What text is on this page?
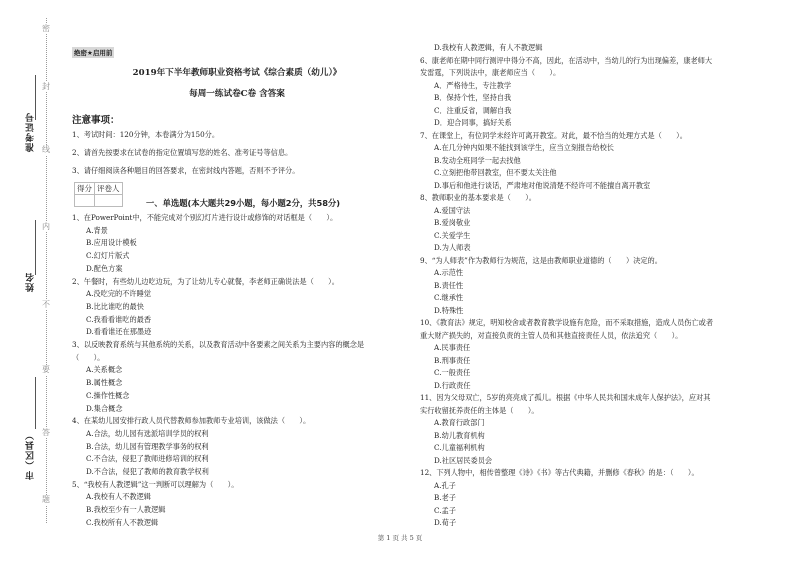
密
封
线
内
不
要
答
题
准考证号
姓名
市（区县）
绝密★启用前
2019年下半年教师职业资格考试《综合素质（幼儿）》
每周一练试卷C卷 含答案
注意事项：
1、考试时间：120分钟，本卷满分为150分。
2、请首先按要求在试卷的指定位置填写您的姓名、准考证号等信息。
3、请仔细阅读各种题目的回答要求，在密封线内答题，否则不予评分。
得分	评卷人

一、单选题(本大题共29小题，每小题2分，共58分)
1、在PowerPoint中，不能完成对个别幻灯片进行设计或修饰的对话框是（　　）。
A.背景
B.应用设计模板
C.幻灯片版式
D.配色方案
2、午餐时，有些幼儿边吃边玩，为了让幼儿专心就餐，李老师正确说法是（　　）。
A.没吃完的不许睡觉
B.比比谁吃的最快
C.我看看谁吃的最香
D.看看谁还在那墨迹
3、以反映教育系统与其他系统的关系，以及教育活动中各要素之间关系为主要内容的概念是
（　　）。
A.关系概念
B.属性概念
C.操作性概念
D.集合概念
4、在某幼儿园安排行政人员代替教师参加教师专业培训，该做法（　　）。
A.合法，幼儿园有选派培训学员的权利
B.合法，幼儿园有管理教学事务的权利
C.不合法，侵犯了教师进修培训的权利
D.不合法，侵犯了教师的教育教学权利
5、“我校有人教逻辑”这一判断可以理解为（　　）。
A.我校有人不教逻辑
B.我校至少有一人教逻辑
C.我校所有人不教逻辑
D.我校有人教逻辑，有人不教逻辑
6、康老师在期中同行测评中得分不高，因此，在活动中，当幼儿的行为出现偏差，康老师大
发雷霆，下列说法中，康老师应当（　　）。
A．严格待生，专注教学
B．保持个性，坚持自我
C．注重反省，调解自我
D．迎合同事，搞好关系
7、在课堂上，有位同学未经许可离开教室。对此，最不恰当的处理方式是（　　）。
A.在几分钟内如果不能找到该学生，应当立刻报告给校长
B.发动全班同学一起去找他
C.立刻把他带回教室，但不要太关注他
D.事后和他进行谈话，严肃地对他说清楚不经许可不能擅自离开教室
8、教师职业的基本要求是（　　）。
A.爱国守法
B.爱岗敬业
C.关爱学生
D.为人师表
9、“为人师表”作为教师行为规范，这是由教师职业道德的（　　）决定的。
A.示范性
B.责任性
C.继承性
D.特殊性
10、《教育法》规定，明知校舍或者教育教学设施有危险，而不采取措施，造成人员伤亡或者
重大财产损失的，对直接负责的主管人员和其他直接责任人员，依法追究（　　）。
A.民事责任
B.刑事责任
C.一般责任
D.行政责任
11、因为父母双亡，5岁的亮亮成了孤儿。根据《中华人民共和国未成年人保护法》，应对其
实行收留抚养责任的主体是（　　）。
A.教育行政部门
B.幼儿教育机构
C.儿童福利机构
D.社区居民委员会
12、下列人物中，相传曾整理《诗》《书》等古代典籍，并删修《春秋》的是：（　　）。
A.孔子
B.老子
C.孟子
D.荀子
第 1 页 共 5 页
